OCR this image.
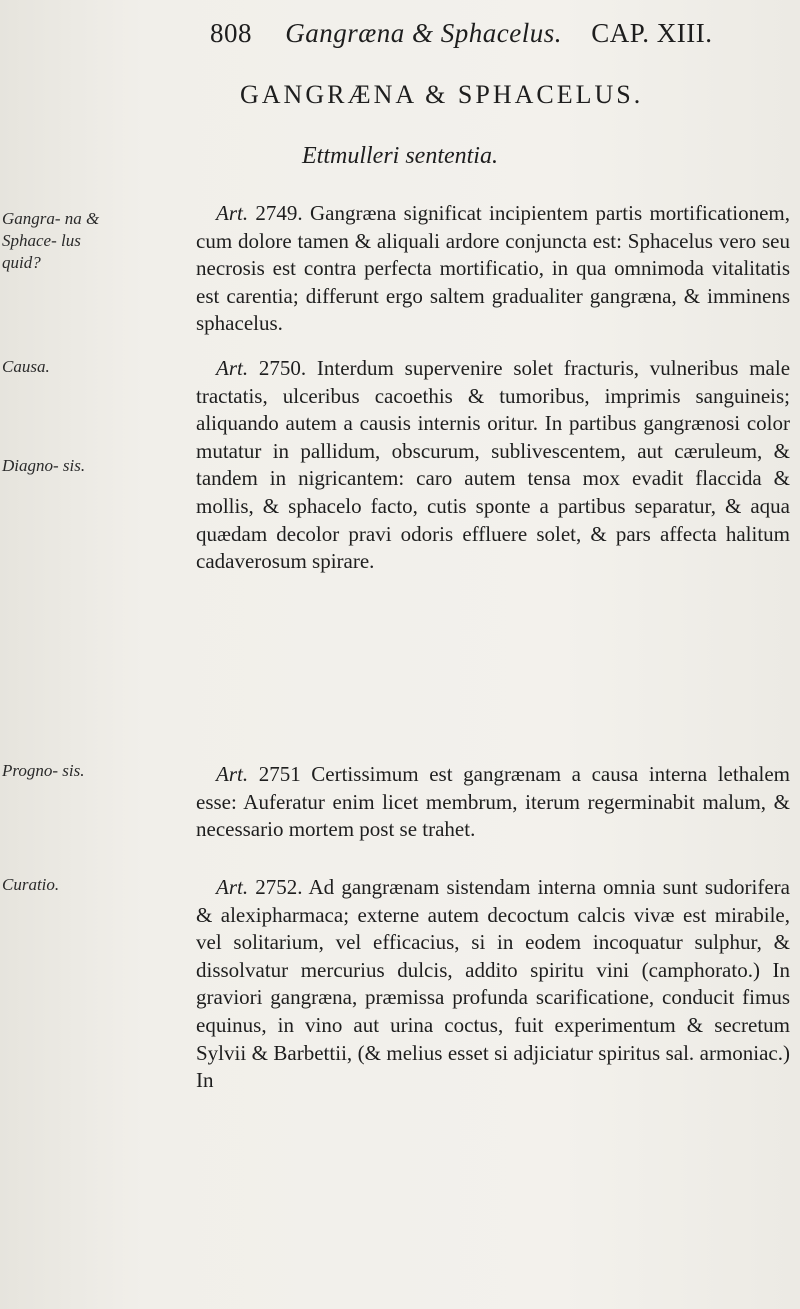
808 Gangræna & Sphacelus. CAP. XIII.
GANGRÆNA & SPHACELUS.
Ettmulleri sententia.
Gangra- na & Sphace- lus quid?
Causa.
Diagno- sis.
Progno- sis.
Curatio.
Art. 2749. Gangræna significat incipientem partis mortificationem, cum dolore tamen & aliquali ardore conjuncta est: Sphacelus vero seu necrosis est contra perfecta mortificatio, in qua omnimoda vitalitatis est carentia; differunt ergo saltem gradualiter gangræna, & imminens sphacelus.
Art. 2750. Interdum supervenire solet fracturis, vulneribus male tractatis, ulceribus cacoethis & tumoribus, imprimis sanguineis; aliquando autem a causis internis oritur. In partibus gangrænosi color mutatur in pallidum, obscurum, sublivescentem, aut cæruleum, & tandem in nigricantem: caro autem tensa mox evadit flaccida & mollis, & sphacelo facto, cutis sponte a partibus separatur, & aqua quædam decolor pravi odoris effluere solet, & pars affecta halitum cadaverosum spirare.
Art. 2751 Certissimum est gangrænam a causa interna lethalem esse: Auferatur enim licet membrum, iterum regerminabit malum, & necessario mortem post se trahet.
Art. 2752. Ad gangrænam sistendam interna omnia sunt sudorifera & alexipharmaca; externe autem decoctum calcis vivæ est mirabile, vel solitarium, vel efficacius, si in eodem incoquatur sulphur, & dissolvatur mercurius dulcis, addito spiritu vini (camphorato.) In graviori gangræna, præmissa profunda scarificatione, conducit fimus equinus, in vino aut urina coctus, fuit experimentum & secretum Sylvii & Barbettii, (& melius esset si adjiciatur spiritus sal. armoniac.) In
